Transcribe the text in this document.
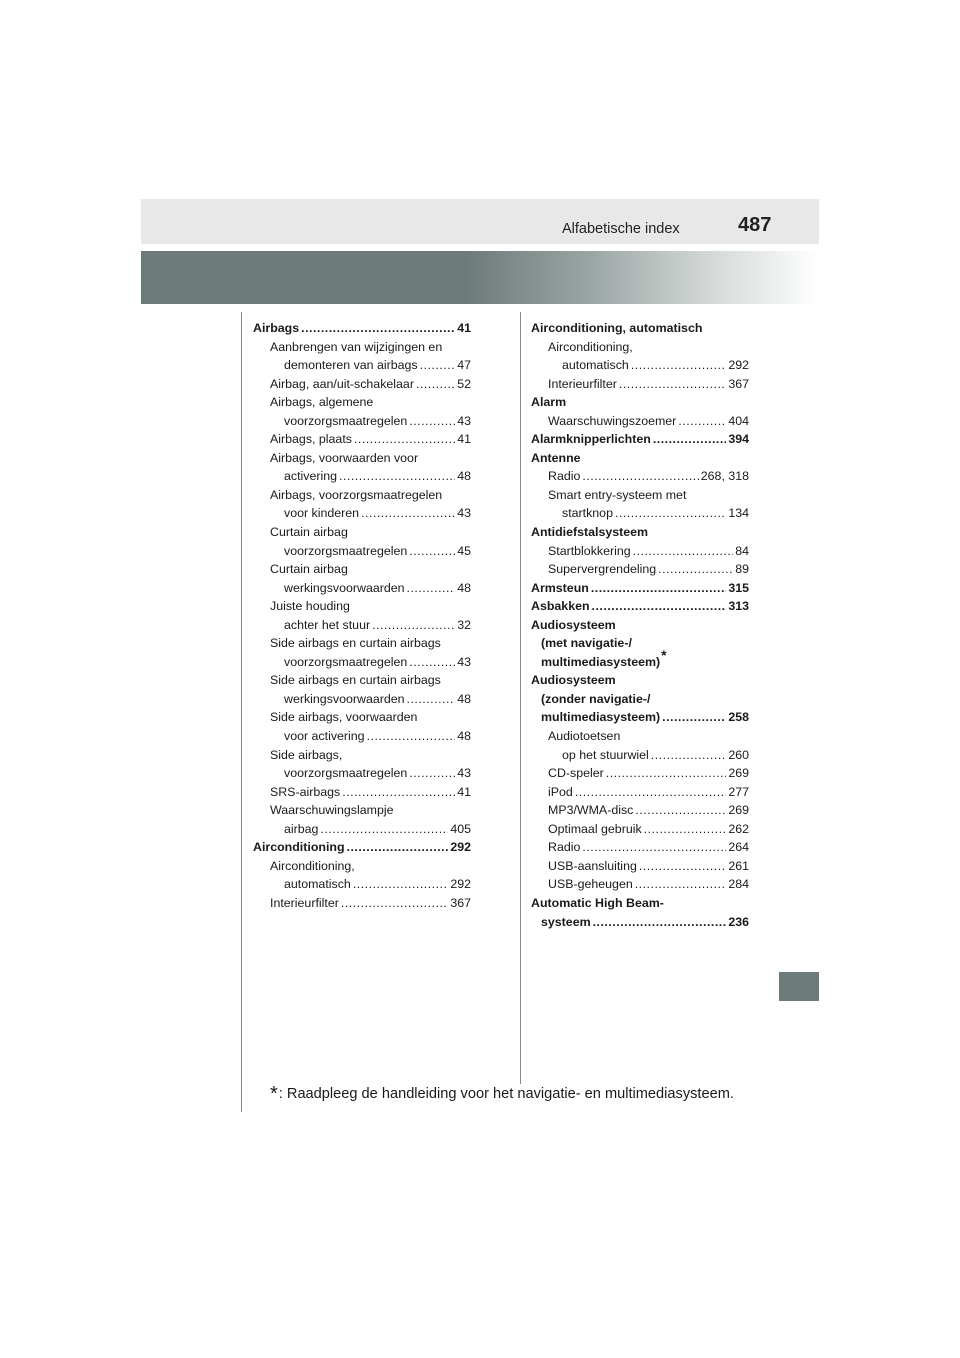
Alfabetische index	487
Airbags .....	41
Aanbrengen van wijzigingen en
demonteren van airbags .....	47
Airbag, aan/uit-schakelaar .....	52
Airbags, algemene
voorzorgsmaatregelen .....	43
Airbags, plaats .....	41
Airbags, voorwaarden voor
activering .....	48
Airbags, voorzorgsmaatregelen
voor kinderen .....	43
Curtain airbag
voorzorgsmaatregelen .....	45
Curtain airbag
werkingsvoorwaarden .....	48
Juiste houding
achter het stuur .....	32
Side airbags en curtain airbags
voorzorgsmaatregelen .....	43
Side airbags en curtain airbags
werkingsvoorwaarden .....	48
Side airbags, voorwaarden
voor activering .....	48
Side airbags,
voorzorgsmaatregelen .....	43
SRS-airbags .....	41
Waarschuwingslampje
airbag .....	405
Airconditioning .....	292
Airconditioning,
automatisch .....	292
Interieurfilter .....	367
Airconditioning, automatisch
Airconditioning,
automatisch .....	292
Interieurfilter .....	367
Alarm
Waarschuwingszoemer .....	404
Alarmknipperlichten .....	394
Antenne
Radio .....	268, 318
Smart entry-systeem met
startknop .....	134
Antidiefstalsysteem
Startblokkering .....	84
Supervergrendeling .....	89
Armsteun .....	315
Asbakken .....	313
Audiosysteem
(met navigatie-/
multimediasysteem)*
Audiosysteem
(zonder navigatie-/
multimediasysteem) .....	258
Audiotoetsen
op het stuurwiel .....	260
CD-speler .....	269
iPod .....	277
MP3/WMA-disc .....	269
Optimaal gebruik .....	262
Radio .....	264
USB-aansluiting .....	261
USB-geheugen .....	284
Automatic High Beam-
systeem .....	236
*: Raadpleeg de handleiding voor het navigatie- en multimediasysteem.
